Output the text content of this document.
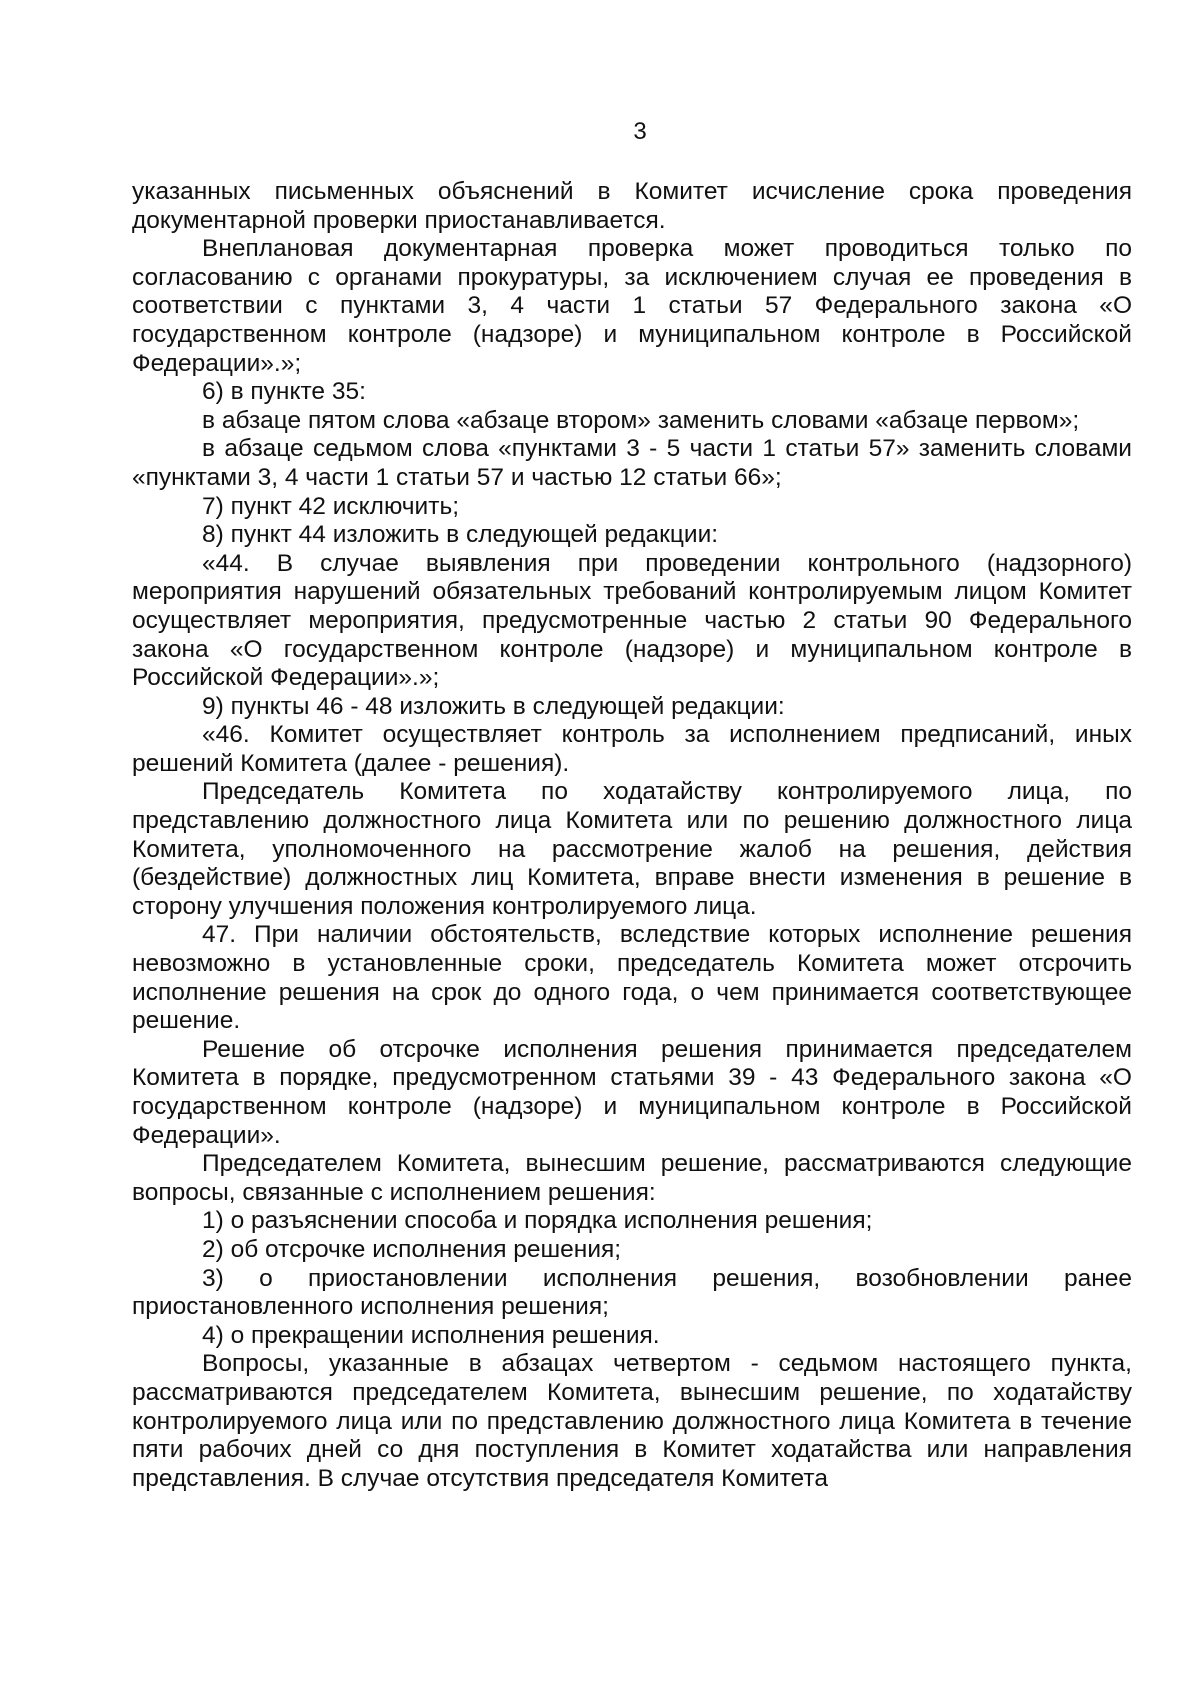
3

указанных письменных объяснений в Комитет исчисление срока проведения документарной проверки приостанавливается.

Внеплановая документарная проверка может проводиться только по согласованию с органами прокуратуры, за исключением случая ее проведения в соответствии с пунктами 3, 4 части 1 статьи 57 Федерального закона «О государственном контроле (надзоре) и муниципальном контроле в Российской Федерации».»;

6) в пункте 35:

в абзаце пятом слова «абзаце втором» заменить словами «абзаце первом»;

в абзаце седьмом слова «пунктами 3 - 5 части 1 статьи 57» заменить словами «пунктами 3, 4 части 1 статьи 57 и частью 12 статьи 66»;

7) пункт 42 исключить;

8) пункт 44 изложить в следующей редакции:

«44. В случае выявления при проведении контрольного (надзорного) мероприятия нарушений обязательных требований контролируемым лицом Комитет осуществляет мероприятия, предусмотренные частью 2 статьи 90 Федерального закона «О государственном контроле (надзоре) и муниципальном контроле в Российской Федерации».»;

9) пункты 46 - 48 изложить в следующей редакции:

«46. Комитет осуществляет контроль за исполнением предписаний, иных решений Комитета (далее - решения).

Председатель Комитета по ходатайству контролируемого лица, по представлению должностного лица Комитета или по решению должностного лица Комитета, уполномоченного на рассмотрение жалоб на решения, действия (бездействие) должностных лиц Комитета, вправе внести изменения в решение в сторону улучшения положения контролируемого лица.

47. При наличии обстоятельств, вследствие которых исполнение решения невозможно в установленные сроки, председатель Комитета может отсрочить исполнение решения на срок до одного года, о чем принимается соответствующее решение.

Решение об отсрочке исполнения решения принимается председателем Комитета в порядке, предусмотренном статьями 39 - 43 Федерального закона «О государственном контроле (надзоре) и муниципальном контроле в Российской Федерации».

Председателем Комитета, вынесшим решение, рассматриваются следующие вопросы, связанные с исполнением решения:

1) о разъяснении способа и порядка исполнения решения;

2) об отсрочке исполнения решения;

3) о приостановлении исполнения решения, возобновлении ранее приостановленного исполнения решения;

4) о прекращении исполнения решения.

Вопросы, указанные в абзацах четвертом - седьмом настоящего пункта, рассматриваются председателем Комитета, вынесшим решение, по ходатайству контролируемого лица или по представлению должностного лица Комитета в течение пяти рабочих дней со дня поступления в Комитет ходатайства или направления представления. В случае отсутствия председателя Комитета
